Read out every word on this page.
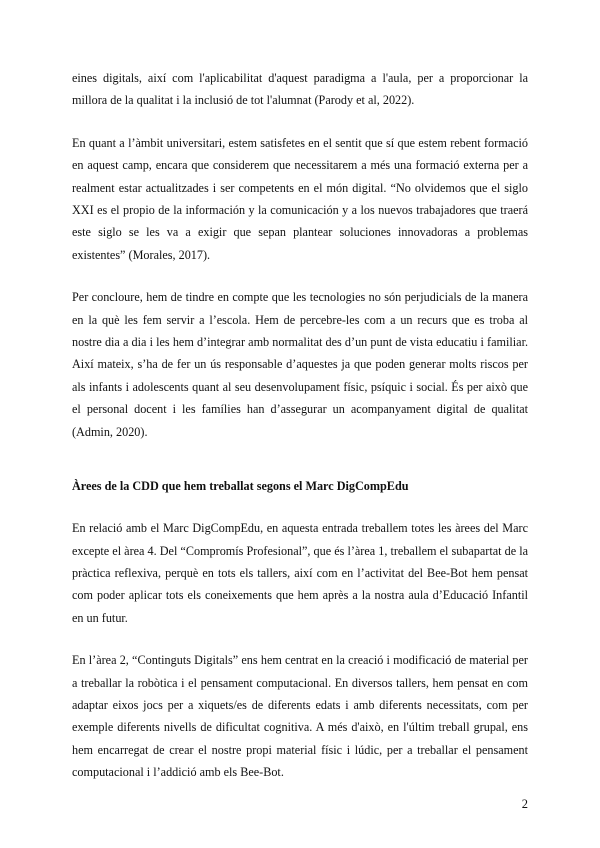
eines digitals, així com l'aplicabilitat d'aquest paradigma a l'aula, per a proporcionar la millora de la qualitat i la inclusió de tot l'alumnat (Parody et al, 2022).

En quant a l’àmbit universitari, estem satisfetes en el sentit que sí que estem rebent formació en aquest camp, encara que considerem que necessitarem a més una formació externa per a realment estar actualitzades i ser competents en el món digital. “No olvidemos que el siglo XXI es el propio de la información y la comunicación y a los nuevos trabajadores que traerá este siglo se les va a exigir que sepan plantear soluciones innovadoras a problemas existentes” (Morales, 2017).

Per concloure, hem de tindre en compte que les tecnologies no són perjudicials de la manera en la què les fem servir a l’escola. Hem de percebre-les com a un recurs que es troba al nostre dia a dia i les hem d’integrar amb normalitat des d’un punt de vista educatiu i familiar. Així mateix, s’ha de fer un ús responsable d’aquestes ja que poden generar molts riscos per als infants i adolescents quant al seu desenvolupament físic, psíquic i social. És per això que el personal docent i les famílies han d’assegurar un acompanyament digital de qualitat (Admin, 2020).

Àrees de la CDD que hem treballat segons el Marc DigCompEdu

En relació amb el Marc DigCompEdu, en aquesta entrada treballem totes les àrees del Marc excepte el àrea 4. Del “Compromís Profesional”, que és l’àrea 1, treballem el subapartat de la pràctica reflexiva, perquè en tots els tallers, així com en l’activitat del Bee-Bot hem pensat com poder aplicar tots els coneixements que hem après a la nostra aula d’Educació Infantil en un futur.

En l’àrea 2, “Continguts Digitals” ens hem centrat en la creació i modificació de material per a treballar la robòtica i el pensament computacional. En diversos tallers, hem pensat en com adaptar eixos jocs per a xiquets/es de diferents edats i amb diferents necessitats, com per exemple diferents nivells de dificultat cognitiva. A més d'això, en l'últim treball grupal, ens hem encarregat de crear el nostre propi material físic i lúdic, per a treballar el pensament computacional i l’addició amb els Bee-Bot.

2
